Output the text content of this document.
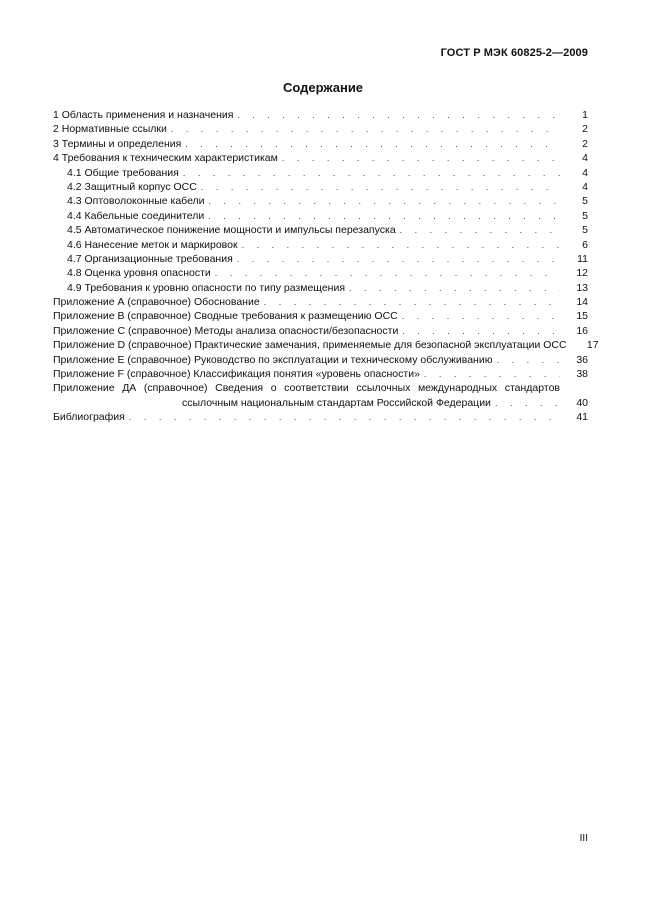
ГОСТ Р МЭК 60825-2—2009
Содержание
1 Область применения и назначения . . .	1
2 Нормативные ссылки . . .	2
3 Термины и определения . . .	2
4 Требования к техническим характеристикам . . .	4
4.1 Общие требования . . .	4
4.2 Защитный корпус ОСС . . .	4
4.3 Оптоволоконные кабели . . .	5
4.4 Кабельные соединители . . .	5
4.5 Автоматическое понижение мощности и импульсы перезапуска . . .	5
4.6 Нанесение меток и маркировок . . .	6
4.7 Организационные требования . . .	11
4.8 Оценка уровня опасности . . .	12
4.9 Требования к уровню опасности по типу размещения . . .	13
Приложение А (справочное) Обоснование . . .	14
Приложение В (справочное) Сводные требования к размещению ОСС . . .	15
Приложение С (справочное) Методы анализа опасности/безопасности . . .	16
Приложение D (справочное) Практические замечания, применяемые для безопасной эксплуатации ОСС	17
Приложение Е (справочное) Руководство по эксплуатации и техническому обслуживанию . . .	36
Приложение F (справочное) Классификация понятия «уровень опасности» . . .	38
Приложение ДА (справочное) Сведения о соответствии ссылочных международных стандартов
ссылочным национальным стандартам Российской Федерации . . .	40
Библиография . . .	41
III
